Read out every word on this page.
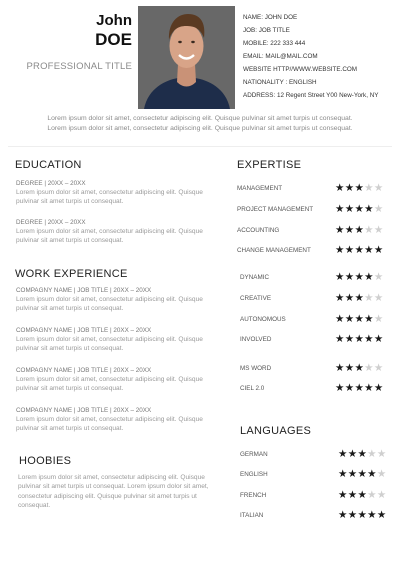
John
DOE
PROFESSIONAL TITLE
NAME: JOHN DOE
JOB: JOB TITLE
MOBILE: 222 333 444
EMAIL: MAIL@MAIL.COM
WEBSITE HTTP//WWW.WEBSITE.COM
NATIONALITY : ENGLISH
ADDRESS: 12 Regent Street Y00 New-York, NY
Lorem ipsum dolor sit amet, consectetur adipiscing elit. Quisque pulvinar sit amet turpis ut consequat. Lorem ipsum dolor sit amet, consectetur adipiscing elit. Quisque pulvinar sit amet turpis ut consequat.
EDUCATION
DEGREE | 20XX – 20XX
Lorem ipsum dolor sit amet, consectetur adipiscing elit. Quisque pulvinar sit amet turpis ut consequat.
DEGREE | 20XX – 20XX
Lorem ipsum dolor sit amet, consectetur adipiscing elit. Quisque pulvinar sit amet turpis ut consequat.
WORK EXPERIENCE
COMPAGNY NAME | JOB TITLE | 20XX – 20XX
Lorem ipsum dolor sit amet, consectetur adipiscing elit. Quisque pulvinar sit amet turpis ut consequat.
COMPAGNY NAME | JOB TITLE | 20XX – 20XX
Lorem ipsum dolor sit amet, consectetur adipiscing elit. Quisque pulvinar sit amet turpis ut consequat.
COMPAGNY NAME | JOB TITLE | 20XX – 20XX
Lorem ipsum dolor sit amet, consectetur adipiscing elit. Quisque pulvinar sit amet turpis ut consequat.
COMPAGNY NAME | JOB TITLE | 20XX – 20XX
Lorem ipsum dolor sit amet, consectetur adipiscing elit. Quisque pulvinar sit amet turpis ut consequat.
HOOBIES
Lorem ipsum dolor sit amet, consectetur adipiscing elit. Quisque pulvinar sit amet turpis ut consequat. Lorem ipsum dolor sit amet, consectetur adipiscing elit. Quisque pulvinar sit amet turpis ut consequat.
EXPERTISE
MANAGEMENT	★★★★★
PROJECT MANAGEMENT ★★★★★
ACCOUNTING	★★★★★
CHANGE MANAGEMENT ★★★★★
DYNAMIC	★★★★★
CREATIVE	★★★★★
AUTONOMOUS	★★★★★
INVOLVED	★★★★★
MS WORD	★★★★★
CIEL 2.0	★★★★★
LANGUAGES
GERMAN	★★★★★
ENGLISH	★★★★★
FRENCH	★★★★★
ITALIAN	★★★★★
